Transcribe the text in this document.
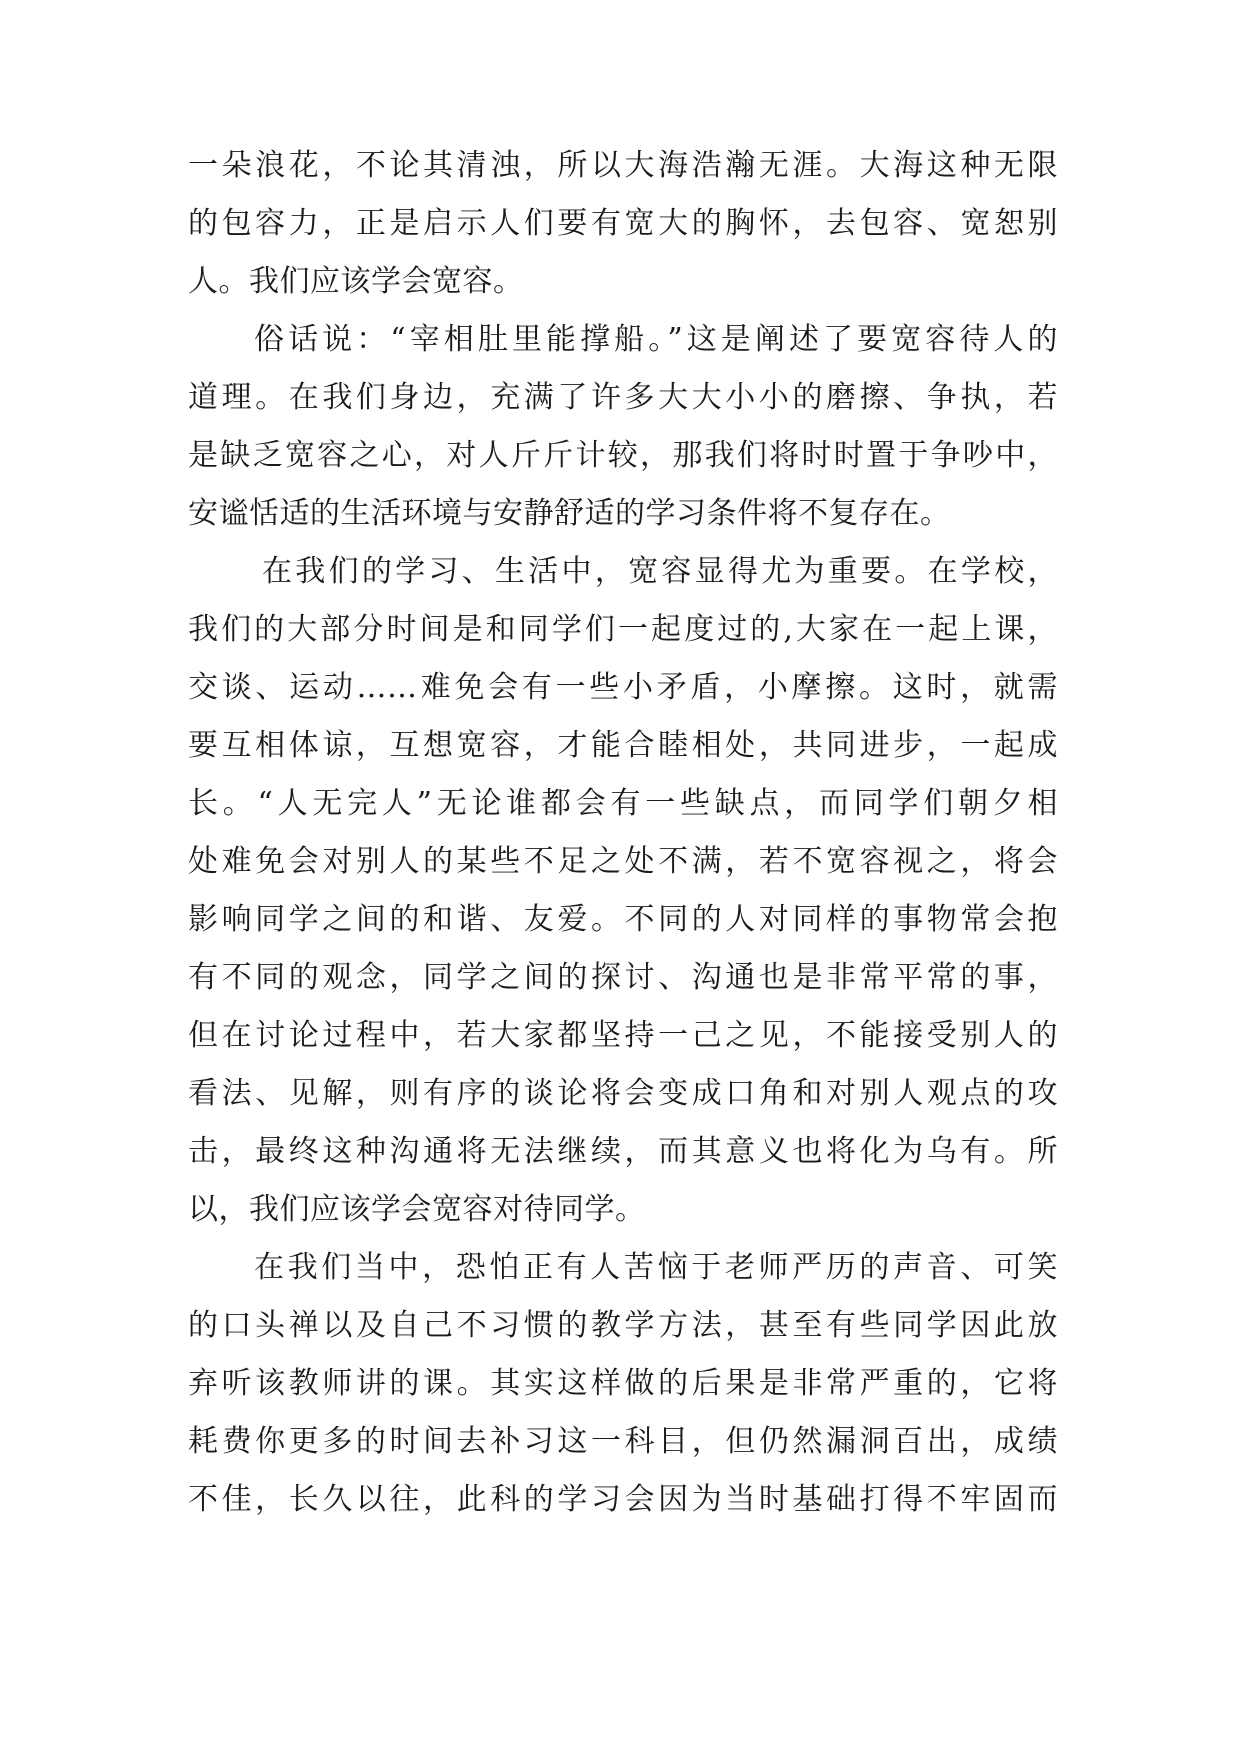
一朵浪花，不论其清浊，所以大海浩瀚无涯。大海这种无限
的包容力，正是启示人们要有宽大的胸怀，去包容、宽恕别
人。我们应该学会宽容。
俗话说：“宰相肚里能撑船。”这是阐述了要宽容待人的
道理。在我们身边，充满了许多大大小小的磨擦、争执，若
是缺乏宽容之心，对人斤斤计较，那我们将时时置于争吵中，
安谧恬适的生活环境与安静舒适的学习条件将不复存在。
在我们的学习、生活中，宽容显得尤为重要。在学校，
我们的大部分时间是和同学们一起度过的,大家在一起上课，
交谈、运动……难免会有一些小矛盾，小摩擦。这时，就需
要互相体谅，互想宽容，才能合睦相处，共同进步，一起成
长。“人无完人”无论谁都会有一些缺点，而同学们朝夕相
处难免会对别人的某些不足之处不满，若不宽容视之，将会
影响同学之间的和谐、友爱。不同的人对同样的事物常会抱
有不同的观念，同学之间的探讨、沟通也是非常平常的事，
但在讨论过程中，若大家都坚持一己之见，不能接受别人的
看法、见解，则有序的谈论将会变成口角和对别人观点的攻
击，最终这种沟通将无法继续，而其意义也将化为乌有。所
以，我们应该学会宽容对待同学。
在我们当中，恐怕正有人苦恼于老师严历的声音、可笑
的口头禅以及自己不习惯的教学方法，甚至有些同学因此放
弃听该教师讲的课。其实这样做的后果是非常严重的，它将
耗费你更多的时间去补习这一科目，但仍然漏洞百出，成绩
不佳，长久以往，此科的学习会因为当时基础打得不牢固而
